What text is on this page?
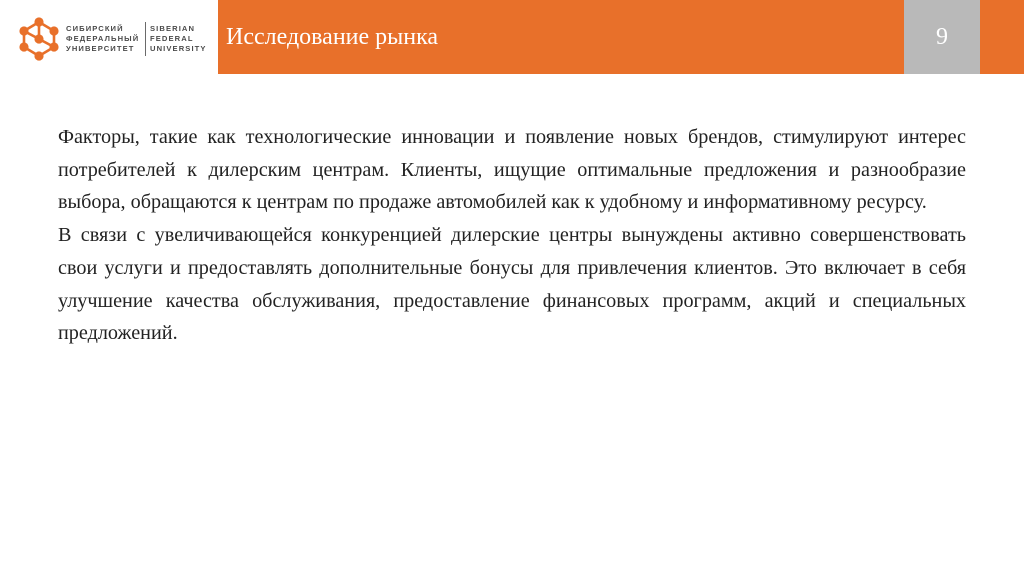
СИБИРСКИЙ
ФЕДЕРАЛЬНЫЙ
УНИВЕРСИТЕТ
SIBERIAN
FEDERAL
UNIVERSITY Исследование рынка	9

Факторы, такие как технологические инновации и появление новых брендов, стимулируют интерес потребителей к дилерским центрам. Клиенты, ищущие оптимальные предложения и разнообразие выбора, обращаются к центрам по продаже автомобилей как к удобному и информативному ресурсу.

В связи с увеличивающейся конкуренцией дилерские центры вынуждены активно совершенствовать свои услуги и предоставлять дополнительные бонусы для привлечения клиентов. Это включает в себя улучшение качества обслуживания, предоставление финансовых программ, акций и специальных предложений.
